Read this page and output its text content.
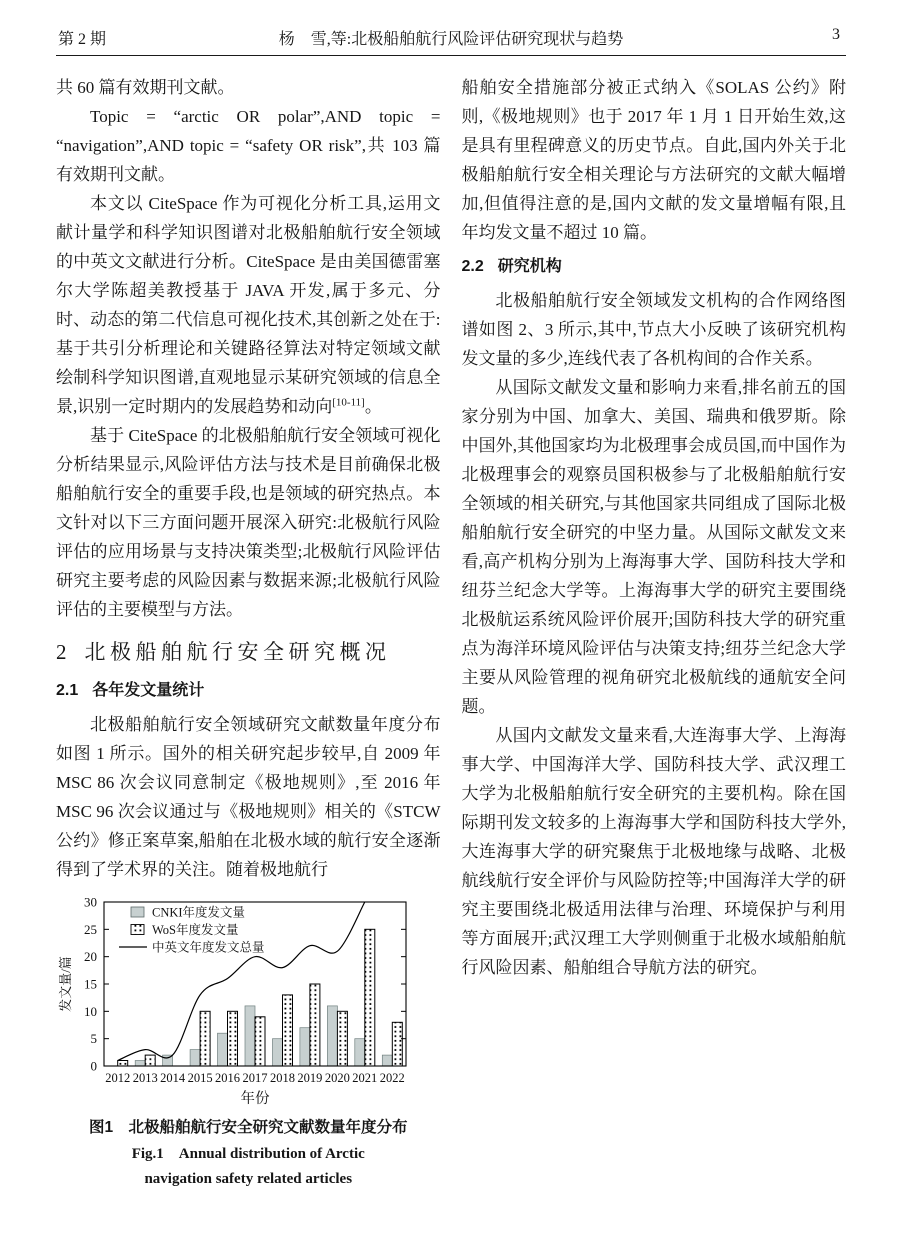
第 2 期	杨　雪,等:北极船舶航行风险评估研究现状与趋势	3

共 60 篇有效期刊文献。

Topic = “arctic OR polar”,AND topic = “navigation”,AND topic = “safety OR risk”,共 103 篇有效期刊文献。

本文以 CiteSpace 作为可视化分析工具,运用文献计量学和科学知识图谱对北极船舶航行安全领域的中英文文献进行分析。CiteSpace 是由美国德雷塞尔大学陈超美教授基于 JAVA 开发,属于多元、分时、动态的第二代信息可视化技术,其创新之处在于:基于共引分析理论和关键路径算法对特定领域文献绘制科学知识图谱,直观地显示某研究领域的信息全景,识别一定时期内的发展趋势和动向[10-11]。

基于 CiteSpace 的北极船舶航行安全领域可视化分析结果显示,风险评估方法与技术是目前确保北极船舶航行安全的重要手段,也是领域的研究热点。本文针对以下三方面问题开展深入研究:北极航行风险评估的应用场景与支持决策类型;北极航行风险评估研究主要考虑的风险因素与数据来源;北极航行风险评估的主要模型与方法。

2 北极船舶航行安全研究概况
2.1 各年发文量统计

北极船舶航行安全领域研究文献数量年度分布如图 1 所示。国外的相关研究起步较早,自 2009 年 MSC 86 次会议同意制定《极地规则》,至 2016 年 MSC 96 次会议通过与《极地规则》相关的《STCW 公约》修正案草案,船舶在北极水域的航行安全逐渐得到了学术界的关注。随着极地航行

0
5
10
15
20
25
30
2012 2013 2014 2015 2016 2017 2018 2019 2020 2021 2022
年份
发文量/篇
CNKI年度发文量
WoS年度发文量
中英文年度发文总量
图1　北极船舶航行安全研究文献数量年度分布
Fig.1　Annual distribution of Arctic
navigation safety related articles

船舶安全措施部分被正式纳入《SOLAS 公约》附则,《极地规则》也于 2017 年 1 月 1 日开始生效,这是具有里程碑意义的历史节点。自此,国内外关于北极船舶航行安全相关理论与方法研究的文献大幅增加,但值得注意的是,国内文献的发文量增幅有限,且年均发文量不超过 10 篇。

2.2 研究机构

北极船舶航行安全领域发文机构的合作网络图谱如图 2、3 所示,其中,节点大小反映了该研究机构发文量的多少,连线代表了各机构间的合作关系。

从国际文献发文量和影响力来看,排名前五的国家分别为中国、加拿大、美国、瑞典和俄罗斯。除中国外,其他国家均为北极理事会成员国,而中国作为北极理事会的观察员国积极参与了北极船舶航行安全领域的相关研究,与其他国家共同组成了国际北极船舶航行安全研究的中坚力量。从国际文献发文来看,高产机构分别为上海海事大学、国防科技大学和纽芬兰纪念大学等。上海海事大学的研究主要围绕北极航运系统风险评价展开;国防科技大学的研究重点为海洋环境风险评估与决策支持;纽芬兰纪念大学主要从风险管理的视角研究北极航线的通航安全问题。

从国内文献发文量来看,大连海事大学、上海海事大学、中国海洋大学、国防科技大学、武汉理工大学为北极船舶航行安全研究的主要机构。除在国际期刊发文较多的上海海事大学和国防科技大学外,大连海事大学的研究聚焦于北极地缘与战略、北极航线航行安全评价与风险防控等;中国海洋大学的研究主要围绕北极适用法律与治理、环境保护与利用等方面展开;武汉理工大学则侧重于北极水域船舶航行风险因素、船舶组合导航方法的研究。
